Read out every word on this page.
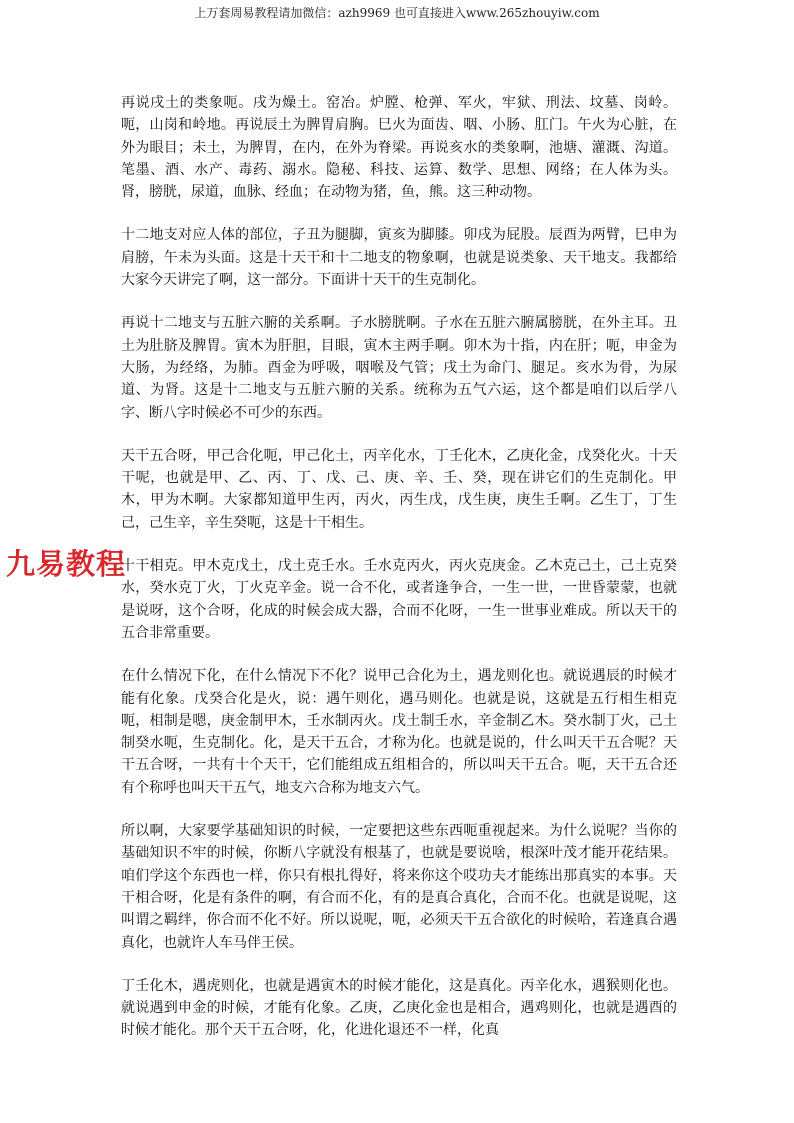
上万套周易教程请加微信：azh9969 也可直接进入www.265zhouyiw.com

再说戌土的类象呃。戌为燥土。窑冶。炉膛、枪弹、军火，牢狱、刑法、坟墓、岗岭。呃，山岗和岭地。再说辰土为脾胃肩胸。巳火为面齿、咽、小肠、肛门。午火为心脏，在外为眼目；未土，为脾胃，在内，在外为脊梁。再说亥水的类象啊，池塘、灌溉、沟道。笔墨、酒、水产、毒药、溺水。隐秘、科技、运算、数学、思想、网络；在人体为头。肾，膀胱，尿道，血脉、经血；在动物为猪，鱼，熊。这三种动物。

十二地支对应人体的部位，子丑为腿脚，寅亥为脚膝。卯戌为屁股。辰酉为两臂，巳申为肩膀，午未为头面。这是十天干和十二地支的物象啊，也就是说类象、天干地支。我都给大家今天讲完了啊，这一部分。下面讲十天干的生克制化。

再说十二地支与五脏六腑的关系啊。子水膀胱啊。子水在五脏六腑属膀胱，在外主耳。丑土为肚脐及脾胃。寅木为肝胆，目眼，寅木主两手啊。卯木为十指，内在肝；呃，申金为大肠，为经络，为肺。酉金为呼吸，咽喉及气管；戌土为命门、腿足。亥水为骨，为尿道、为肾。这是十二地支与五脏六腑的关系。统称为五气六运，这个都是咱们以后学八字、断八字时候必不可少的东西。

天干五合呀，甲己合化呃，甲己化土，丙辛化水，丁壬化木，乙庚化金，戊癸化火。十天干呢，也就是甲、乙、丙、丁、戊、己、庚、辛、壬、癸，现在讲它们的生克制化。甲木，甲为木啊。大家都知道甲生丙，丙火，丙生戊，戊生庚，庚生壬啊。乙生丁，丁生己，己生辛，辛生癸呃，这是十干相生。

十干相克。甲木克戊土，戊土克壬水。壬水克丙火，丙火克庚金。乙木克己土，己土克癸水，癸水克丁火，丁火克辛金。说一合不化，或者逢争合，一生一世，一世昏蒙蒙，也就是说呀，这个合呀，化成的时候会成大器，合而不化呀，一生一世事业难成。所以天干的五合非常重要。

在什么情况下化，在什么情况下不化？说甲己合化为土，遇龙则化也。就说遇辰的时候才能有化象。戊癸合化是火，说：遇午则化，遇马则化。也就是说，这就是五行相生相克呃，相制是嗯，庚金制甲木，壬水制丙火。戊土制壬水，辛金制乙木。癸水制丁火，己土制癸水呃，生克制化。化，是天干五合，才称为化。也就是说的，什么叫天干五合呢？天干五合呀，一共有十个天干，它们能组成五组相合的，所以叫天干五合。呃，天干五合还有个称呼也叫天干五气，地支六合称为地支六气。

所以啊，大家要学基础知识的时候，一定要把这些东西呃重视起来。为什么说呢？当你的基础知识不牢的时候，你断八字就没有根基了，也就是要说啥，根深叶茂才能开花结果。咱们学这个东西也一样，你只有根扎得好，将来你这个哎功夫才能练出那真实的本事。天干相合呀，化是有条件的啊，有合而不化，有的是真合真化，合而不化。也就是说呢，这叫谓之羁绊，你合而不化不好。所以说呢，呃，必须天干五合欲化的时候哈，若逢真合遇真化，也就许人车马伴王侯。

丁壬化木，遇虎则化，也就是遇寅木的时候才能化，这是真化。丙辛化水，遇猴则化也。就说遇到申金的时候，才能有化象。乙庚，乙庚化金也是相合，遇鸡则化，也就是遇酉的时候才能化。那个天干五合呀，化，化进化退还不一样，化真

九易教程
